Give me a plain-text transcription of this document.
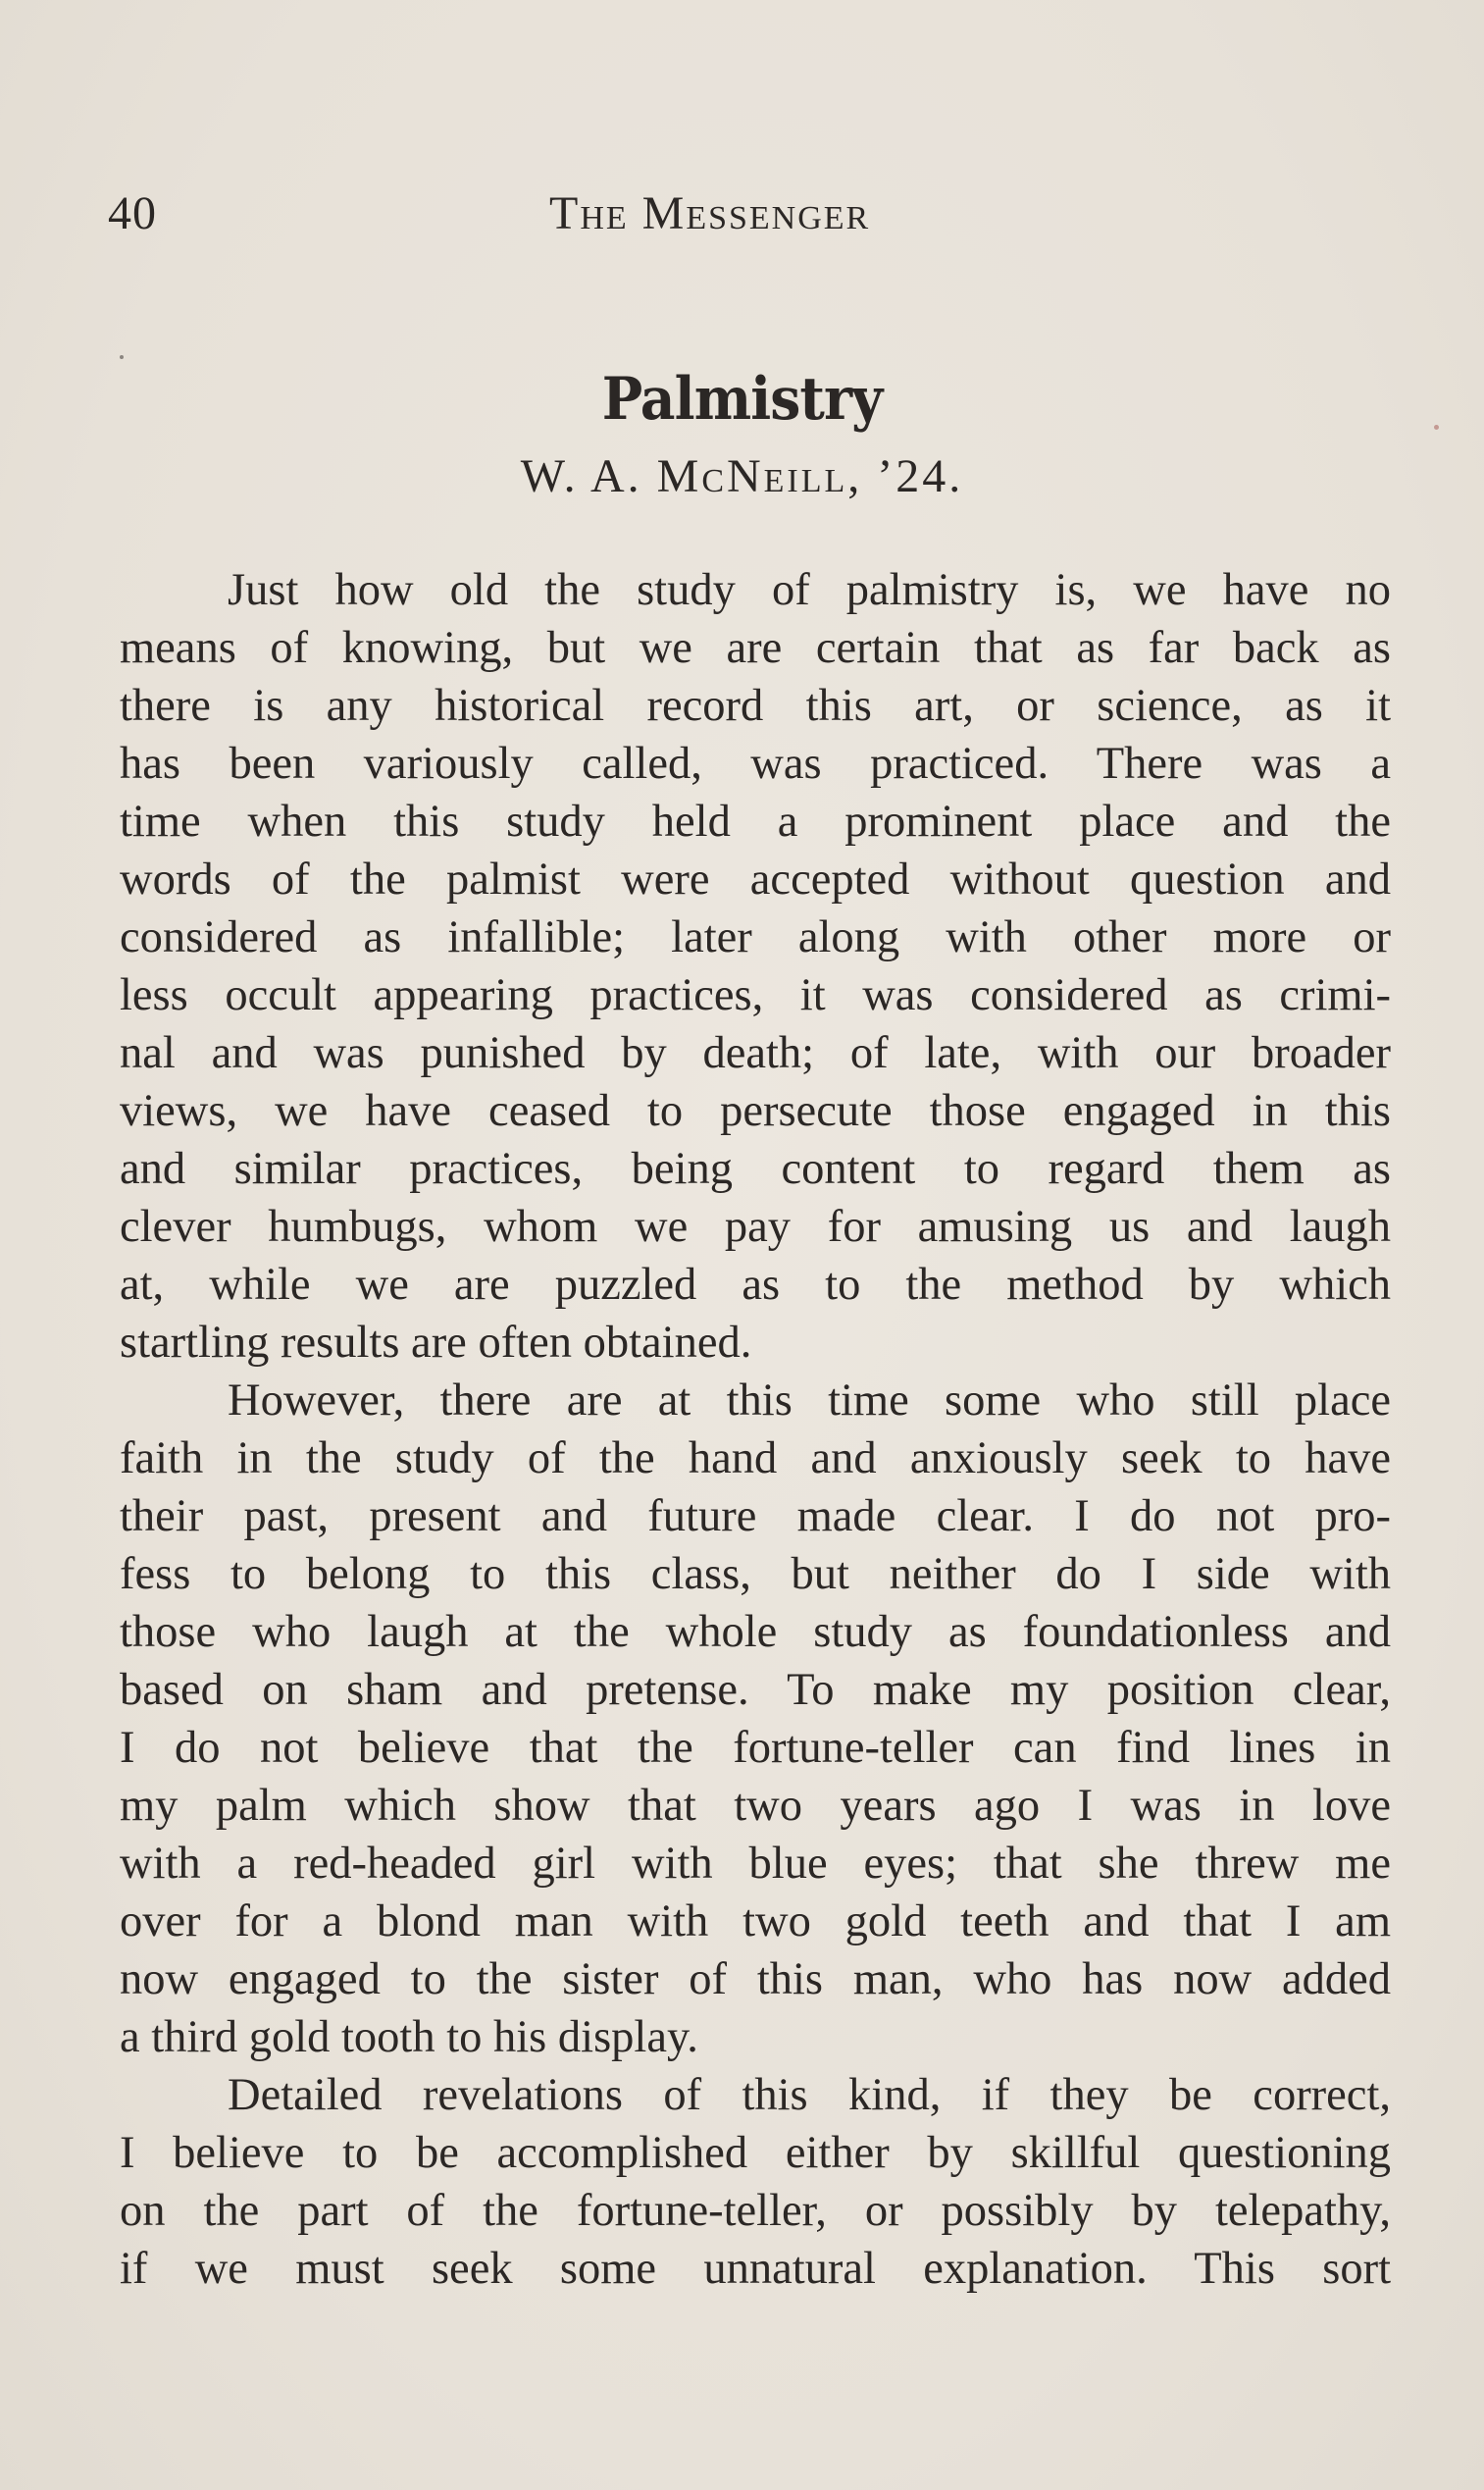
40	The Messenger
Palmistry
W. A. McNeill, ’24.
Just how old the study of palmistry is, we have no
means of knowing, but we are certain that as far back as
there is any historical record this art, or science, as it
has been variously called, was practiced. There was a
time when this study held a prominent place and the
words of the palmist were accepted without question and
considered as infallible; later along with other more or
less occult appearing practices, it was considered as crimi-
nal and was punished by death; of late, with our broader
views, we have ceased to persecute those engaged in this
and similar practices, being content to regard them as
clever humbugs, whom we pay for amusing us and laugh
at, while we are puzzled as to the method by which
startling results are often obtained.
However, there are at this time some who still place
faith in the study of the hand and anxiously seek to have
their past, present and future made clear. I do not pro-
fess to belong to this class, but neither do I side with
those who laugh at the whole study as foundationless and
based on sham and pretense. To make my position clear,
I do not believe that the fortune-teller can find lines in
my palm which show that two years ago I was in love
with a red-headed girl with blue eyes; that she threw me
over for a blond man with two gold teeth and that I am
now engaged to the sister of this man, who has now added
a third gold tooth to his display.
Detailed revelations of this kind, if they be correct,
I believe to be accomplished either by skillful questioning
on the part of the fortune-teller, or possibly by telepathy,
if we must seek some unnatural explanation. This sort
